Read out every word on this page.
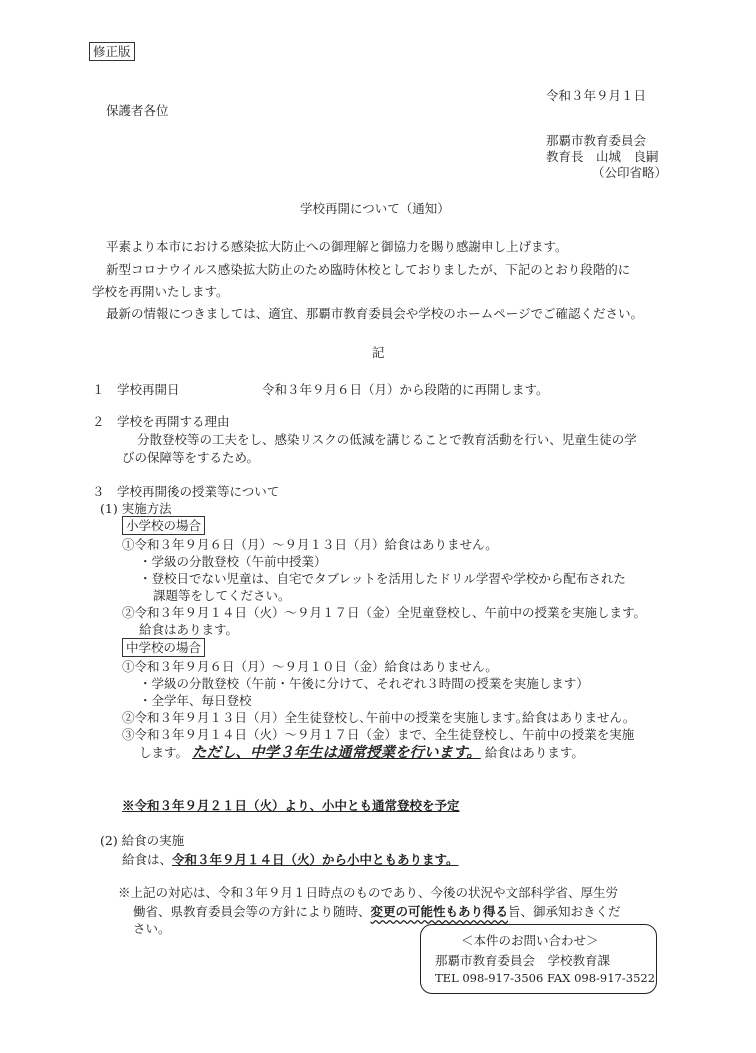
修正版
令和３年９月１日
保護者各位
那覇市教育委員会
教育長　山城　良嗣
（公印省略）
学校再開について（通知）
平素より本市における感染拡大防止への御理解と御協力を賜り感謝申し上げます。
新型コロナウイルス感染拡大防止のため臨時休校としておりましたが、下記のとおり段階的に
学校を再開いたします。
最新の情報につきましては、適宜、那覇市教育委員会や学校のホームページでご確認ください。
記
１　学校再開日	令和３年９月６日（月）から段階的に再開します。
２　学校を再開する理由
分散登校等の工夫をし、感染リスクの低減を講じることで教育活動を行い、児童生徒の学
びの保障等をするため。
３　学校再開後の授業等について
(1) 実施方法
小学校の場合
①令和３年９月６日（月）～９月１３日（月）給食はありません。
・学級の分散登校（午前中授業）
・登校日でない児童は、自宅でタブレットを活用したドリル学習や学校から配布された
課題等をしてください。
②令和３年９月１４日（火）～９月１７日（金）全児童登校し、午前中の授業を実施します。
給食はあります。
中学校の場合
①令和３年９月６日（月）～９月１０日（金）給食はありません。
・学級の分散登校（午前・午後に分けて、それぞれ３時間の授業を実施します）
・全学年、毎日登校
②令和３年９月１３日（月）全生徒登校し､午前中の授業を実施します｡給食はありません。
③令和３年９月１４日（火）～９月１７日（金）まで、全生徒登校し、午前中の授業を実施
します。 ただし、中学３年生は通常授業を行います。 給食はあります。
※令和３年９月２１日（火）より、小中とも通常登校を予定
(2) 給食の実施
給食は、令和３年９月１４日（火）から小中ともあります。
※上記の対応は、令和３年９月１日時点のものであり、今後の状況や文部科学省、厚生労
働省、県教育委員会等の方針により随時、変更の可能性もあり得る旨、御承知おきくだ
さい。
＜本件のお問い合わせ＞
那覇市教育委員会　学校教育課
TEL 098-917-3506 FAX 098-917-3522
